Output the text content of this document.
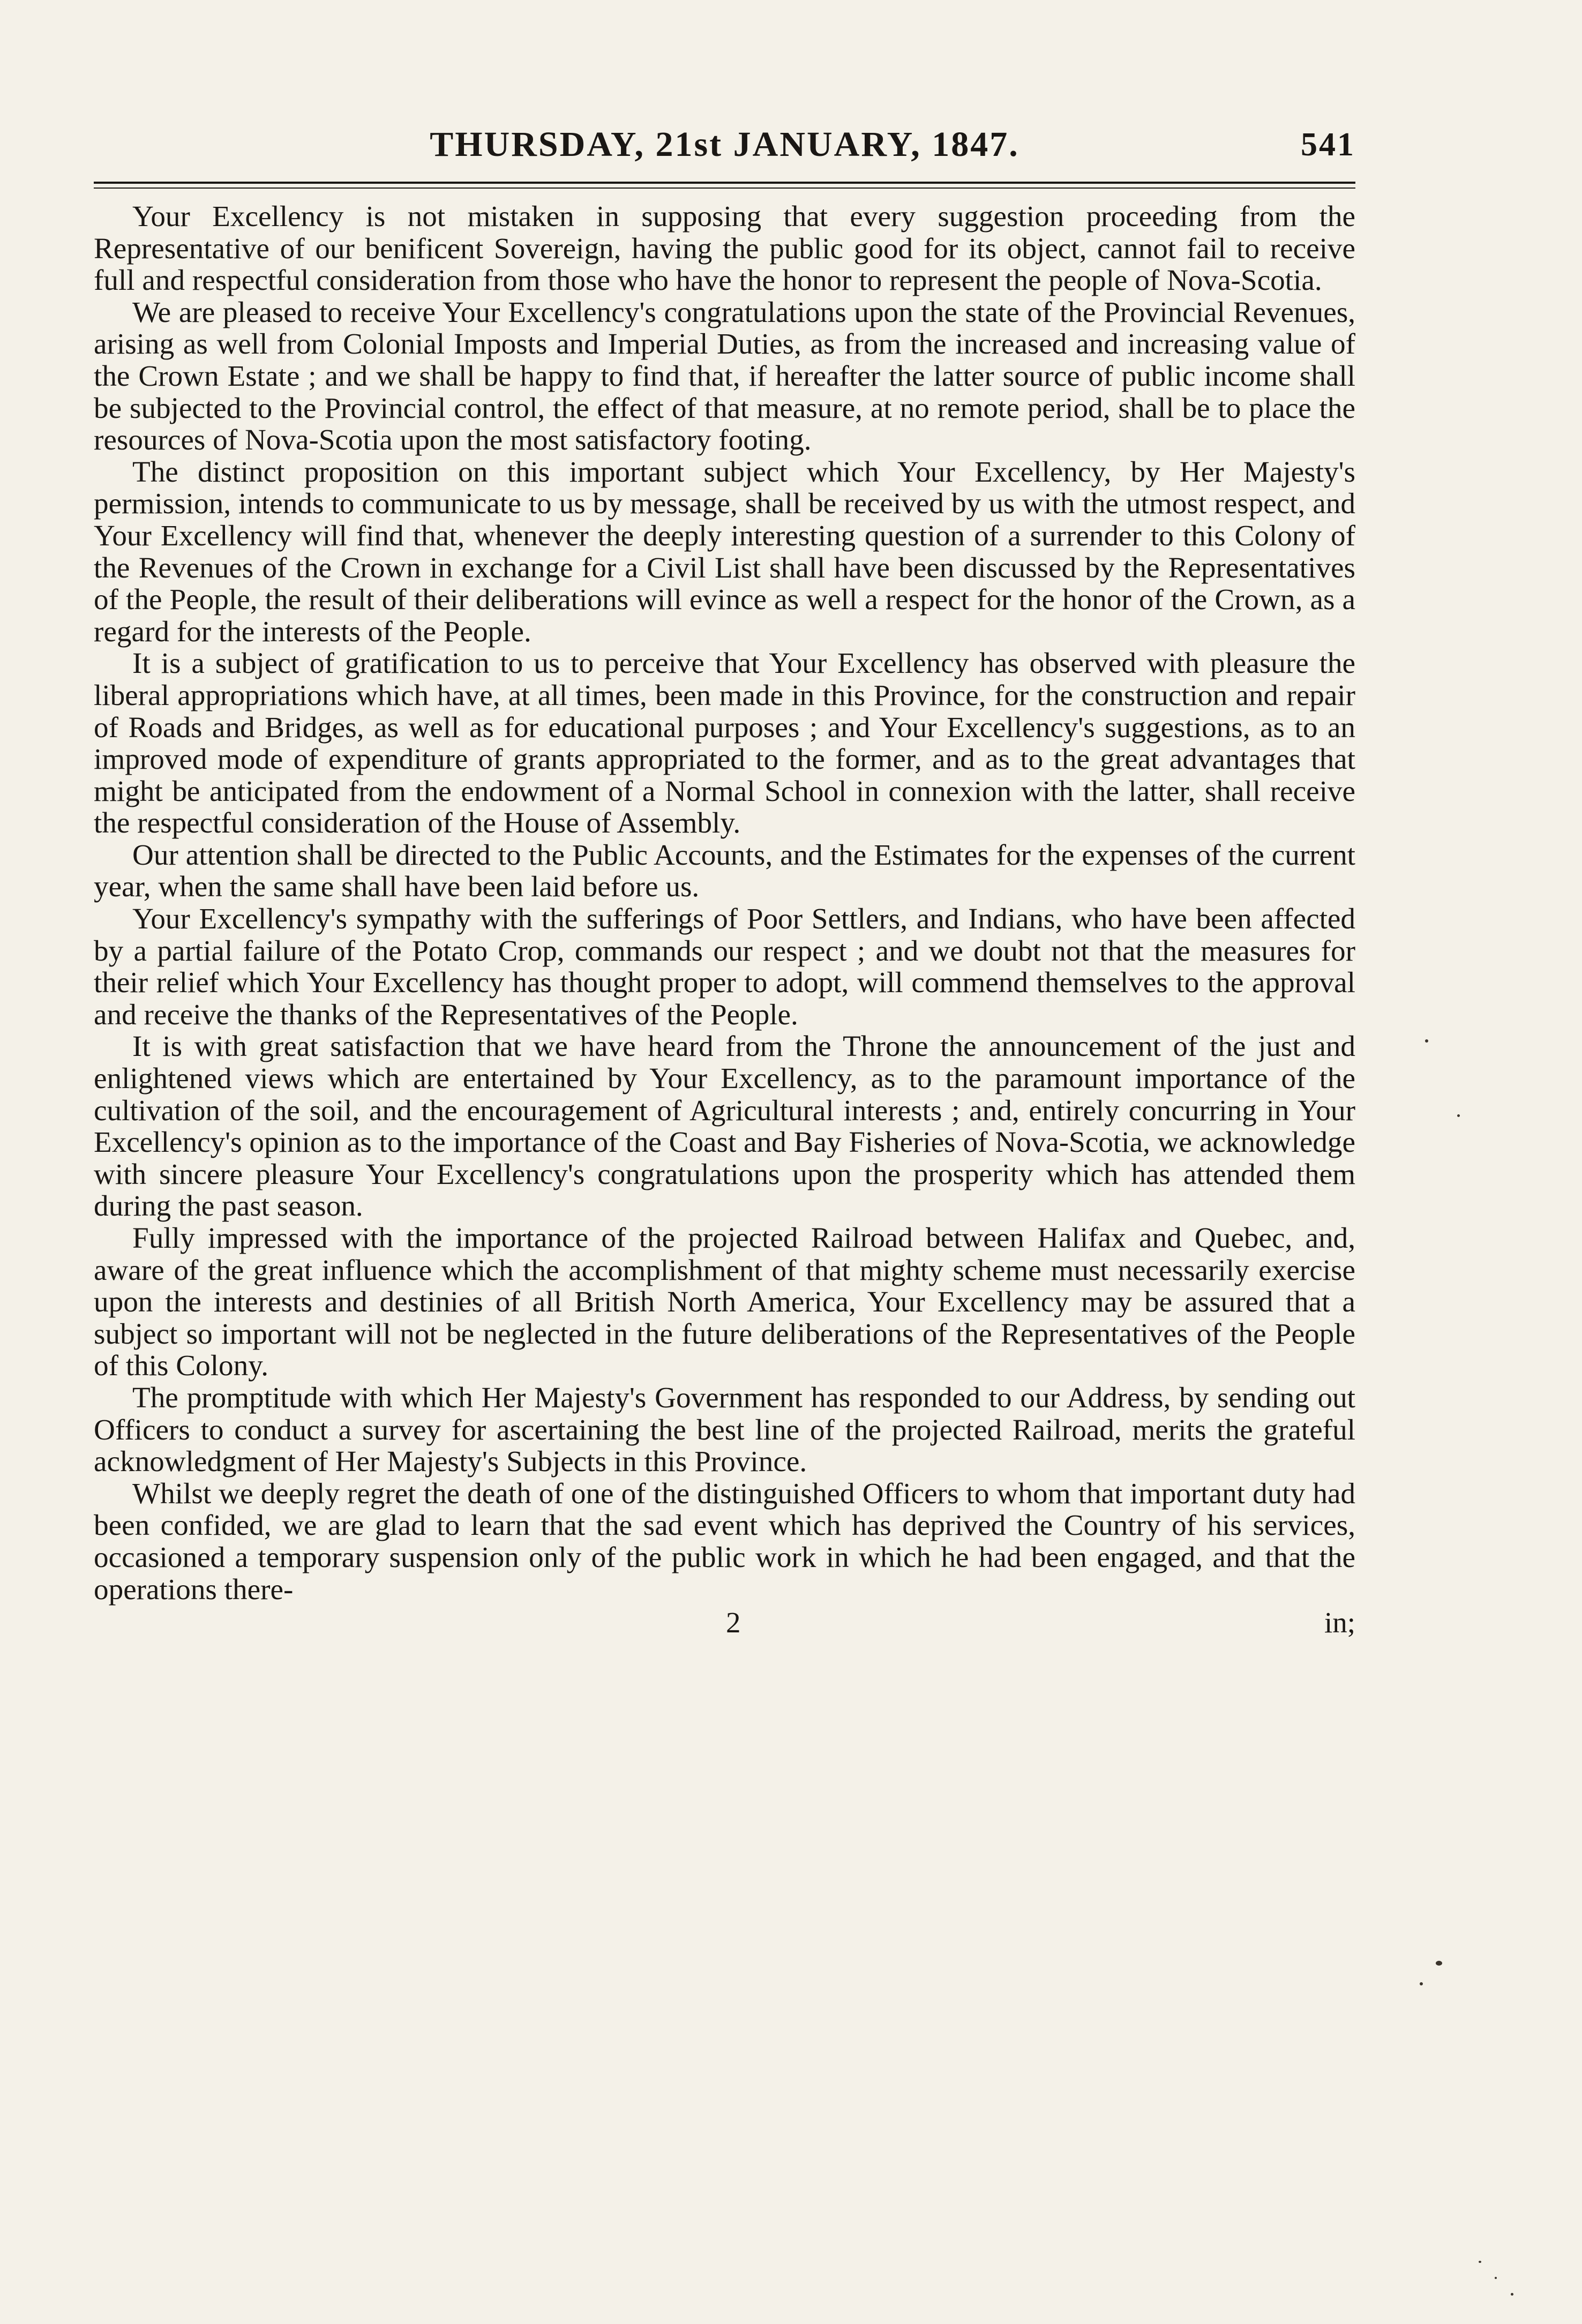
THURSDAY, 21st JANUARY, 1847.	541

Your Excellency is not mistaken in supposing that every suggestion proceeding from the Representative of our benificent Sovereign, having the public good for its object, cannot fail to receive full and respectful consideration from those who have the honor to represent the people of Nova-Scotia.

We are pleased to receive Your Excellency's congratulations upon the state of the Provincial Revenues, arising as well from Colonial Imposts and Imperial Duties, as from the increased and increasing value of the Crown Estate ; and we shall be happy to find that, if hereafter the latter source of public income shall be subjected to the Provincial control, the effect of that measure, at no remote period, shall be to place the resources of Nova-Scotia upon the most satisfactory footing.

The distinct proposition on this important subject which Your Excellency, by Her Majesty's permission, intends to communicate to us by message, shall be received by us with the utmost respect, and Your Excellency will find that, whenever the deeply interesting question of a surrender to this Colony of the Revenues of the Crown in exchange for a Civil List shall have been discussed by the Representatives of the People, the result of their deliberations will evince as well a respect for the honor of the Crown, as a regard for the interests of the People.

It is a subject of gratification to us to perceive that Your Excellency has observed with pleasure the liberal appropriations which have, at all times, been made in this Province, for the construction and repair of Roads and Bridges, as well as for educational purposes ; and Your Excellency's suggestions, as to an improved mode of expenditure of grants appropriated to the former, and as to the great advantages that might be anticipated from the endowment of a Normal School in connexion with the latter, shall receive the respectful consideration of the House of Assembly.

Our attention shall be directed to the Public Accounts, and the Estimates for the expenses of the current year, when the same shall have been laid before us.

Your Excellency's sympathy with the sufferings of Poor Settlers, and Indians, who have been affected by a partial failure of the Potato Crop, commands our respect ; and we doubt not that the measures for their relief which Your Excellency has thought proper to adopt, will commend themselves to the approval and receive the thanks of the Representatives of the People.

It is with great satisfaction that we have heard from the Throne the announcement of the just and enlightened views which are entertained by Your Excellency, as to the paramount importance of the cultivation of the soil, and the encouragement of Agricultural interests ; and, entirely concurring in Your Excellency's opinion as to the importance of the Coast and Bay Fisheries of Nova-Scotia, we acknowledge with sincere pleasure Your Excellency's congratulations upon the prosperity which has attended them during the past season.

Fully impressed with the importance of the projected Railroad between Halifax and Quebec, and, aware of the great influence which the accomplishment of that mighty scheme must necessarily exercise upon the interests and destinies of all British North America, Your Excellency may be assured that a subject so important will not be neglected in the future deliberations of the Representatives of the People of this Colony.

The promptitude with which Her Majesty's Government has responded to our Address, by sending out Officers to conduct a survey for ascertaining the best line of the projected Railroad, merits the grateful acknowledgment of Her Majesty's Subjects in this Province.

Whilst we deeply regret the death of one of the distinguished Officers to whom that important duty had been confided, we are glad to learn that the sad event which has deprived the Country of his services, occasioned a temporary suspension only of the public work in which he had been engaged, and that the operations there-

2	in;
